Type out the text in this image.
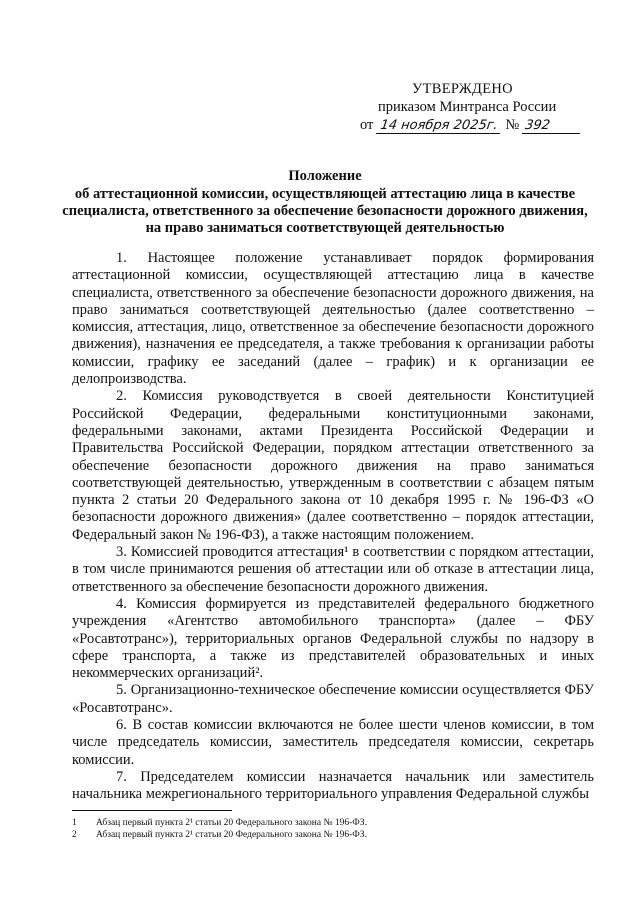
УТВЕРЖДЕНО
приказом Минтранса России
от 14 ноября 2025г. № 392
Положение
об аттестационной комиссии, осуществляющей аттестацию лица в качестве специалиста, ответственного за обеспечение безопасности дорожного движения, на право заниматься соответствующей деятельностью

1. Настоящее положение устанавливает порядок формирования аттестационной комиссии, осуществляющей аттестацию лица в качестве специалиста, ответственного за обеспечение безопасности дорожного движения, на право заниматься соответствующей деятельностью (далее соответственно – комиссия, аттестация, лицо, ответственное за обеспечение безопасности дорожного движения), назначения ее председателя, а также требования к организации работы комиссии, графику ее заседаний (далее – график) и к организации ее делопроизводства.

2. Комиссия руководствуется в своей деятельности Конституцией Российской Федерации, федеральными конституционными законами, федеральными законами, актами Президента Российской Федерации и Правительства Российской Федерации, порядком аттестации ответственного за обеспечение безопасности дорожного движения на право заниматься соответствующей деятельностью, утвержденным в соответствии с абзацем пятым пункта 2 статьи 20 Федерального закона от 10 декабря 1995 г. № 196-ФЗ «О безопасности дорожного движения» (далее соответственно – порядок аттестации, Федеральный закон № 196-ФЗ), а также настоящим положением.

3. Комиссией проводится аттестация¹ в соответствии с порядком аттестации, в том числе принимаются решения об аттестации или об отказе в аттестации лица, ответственного за обеспечение безопасности дорожного движения.

4. Комиссия формируется из представителей федерального бюджетного учреждения «Агентство автомобильного транспорта» (далее – ФБУ «Росавтотранс»), территориальных органов Федеральной службы по надзору в сфере транспорта, а также из представителей образовательных и иных некоммерческих организаций².

5. Организационно-техническое обеспечение комиссии осуществляется ФБУ «Росавтотранс».

6. В состав комиссии включаются не более шести членов комиссии, в том числе председатель комиссии, заместитель председателя комиссии, секретарь комиссии.

7. Председателем комиссии назначается начальник или заместитель начальника межрегионального территориального управления Федеральной службы

1	Абзац первый пункта 2¹ статьи 20 Федерального закона № 196-ФЗ.
2	Абзац первый пункта 2¹ статьи 20 Федерального закона № 196-ФЗ.
